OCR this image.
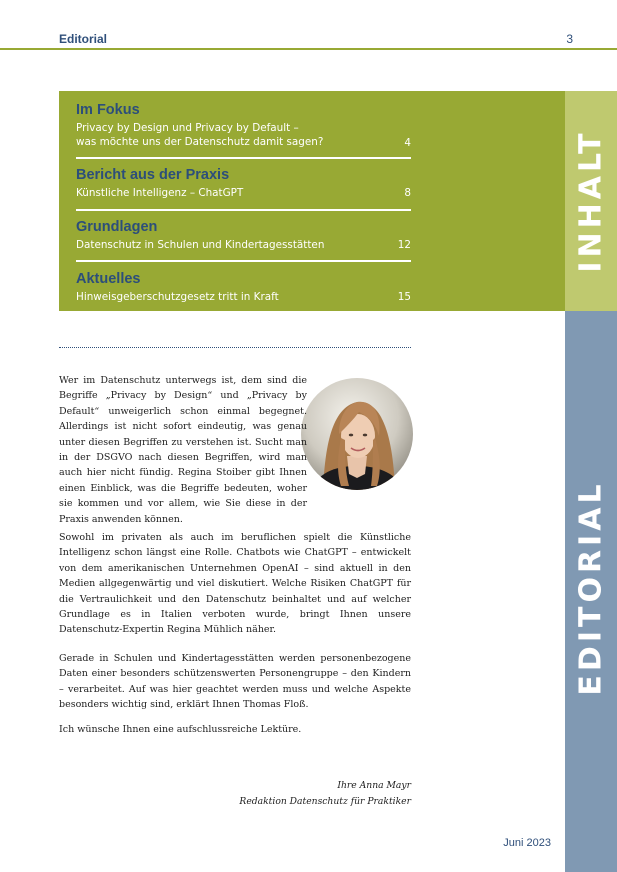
Editorial	3
Im Fokus
Privacy by Design und Privacy by Default –
was möchte uns der Datenschutz damit sagen?	4
Bericht aus der Praxis
Künstliche Intelligenz – ChatGPT	8
Grundlagen
Datenschutz in Schulen und Kindertagesstätten	12
Aktuelles
Hinweisgeberschutzgesetz tritt in Kraft	15
INHALT
EDITORIAL
Wer im Datenschutz unterwegs ist, dem sind die Begriffe „Privacy by Design“ und „Privacy by Default“ unweigerlich schon einmal begegnet. Allerdings ist nicht sofort eindeutig, was genau unter diesen Begriffen zu verstehen ist. Sucht man in der DSGVO nach diesen Begriffen, wird man auch hier nicht fündig. Regina Stoiber gibt Ihnen einen Einblick, was die Begriffe bedeuten, woher sie kommen und vor allem, wie Sie diese in der Praxis anwenden können.
Sowohl im privaten als auch im beruflichen spielt die Künstliche Intelligenz schon längst eine Rolle. Chatbots wie ChatGPT – entwickelt von dem amerikanischen Unternehmen OpenAI – sind aktuell in den Medien allgegenwärtig und viel diskutiert. Welche Risiken ChatGPT für die Vertraulichkeit und den Datenschutz beinhaltet und auf welcher Grundlage es in Italien verboten wurde, bringt Ihnen unsere Datenschutz-Expertin Regina Mühlich näher.
Gerade in Schulen und Kindertagesstätten werden personenbezogene Daten einer besonders schützenswerten Personengruppe – den Kindern – verarbeitet. Auf was hier geachtet werden muss und welche Aspekte besonders wichtig sind, erklärt Ihnen Thomas Floß.
Ich wünsche Ihnen eine aufschlussreiche Lektüre.
Ihre Anna Mayr
Redaktion Datenschutz für Praktiker
Juni 2023
